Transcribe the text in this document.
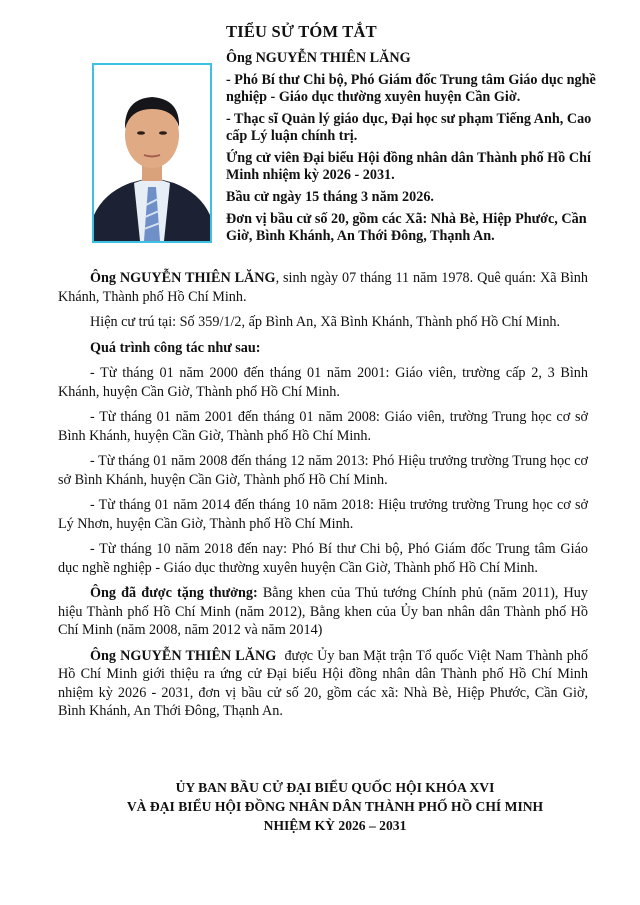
TIỂU SỬ TÓM TẮT

Ông NGUYỄN THIÊN LĂNG

- Phó Bí thư Chi bộ, Phó Giám đốc Trung tâm Giáo dục nghề nghiệp - Giáo dục thường xuyên huyện Cần Giờ.

- Thạc sĩ Quản lý giáo dục, Đại học sư phạm Tiếng Anh, Cao cấp Lý luận chính trị.

Ứng cử viên Đại biểu Hội đồng nhân dân Thành phố Hồ Chí Minh nhiệm kỳ 2026 - 2031.

Bầu cử ngày 15 tháng 3 năm 2026.

Đơn vị bầu cử số 20, gồm các Xã: Nhà Bè, Hiệp Phước, Cần Giờ, Bình Khánh, An Thới Đông, Thạnh An.

Ông NGUYỄN THIÊN LĂNG, sinh ngày 07 tháng 11 năm 1978. Quê quán: Xã Bình Khánh, Thành phố Hồ Chí Minh.

Hiện cư trú tại: Số 359/1/2, ấp Bình An, Xã Bình Khánh, Thành phố Hồ Chí Minh.

Quá trình công tác như sau:

- Từ tháng 01 năm 2000 đến tháng 01 năm 2001: Giáo viên, trường cấp 2, 3 Bình Khánh, huyện Cần Giờ, Thành phố Hồ Chí Minh.

- Từ tháng 01 năm 2001 đến tháng 01 năm 2008: Giáo viên, trường Trung học cơ sở Bình Khánh, huyện Cần Giờ, Thành phố Hồ Chí Minh.

- Từ tháng 01 năm 2008 đến tháng 12 năm 2013: Phó Hiệu trưởng trường Trung học cơ sở Bình Khánh, huyện Cần Giờ, Thành phố Hồ Chí Minh.

- Từ tháng 01 năm 2014 đến tháng 10 năm 2018: Hiệu trưởng trường Trung học cơ sở Lý Nhơn, huyện Cần Giờ, Thành phố Hồ Chí Minh.

- Từ tháng 10 năm 2018 đến nay: Phó Bí thư Chi bộ, Phó Giám đốc Trung tâm Giáo dục nghề nghiệp - Giáo dục thường xuyên huyện Cần Giờ, Thành phố Hồ Chí Minh.

Ông đã được tặng thưởng: Bằng khen của Thủ tướng Chính phủ (năm 2011), Huy hiệu Thành phố Hồ Chí Minh (năm 2012), Bằng khen của Ủy ban nhân dân Thành phố Hồ Chí Minh (năm 2008, năm 2012 và năm 2014)

Ông NGUYỄN THIÊN LĂNG  được Ủy ban Mặt trận Tổ quốc Việt Nam Thành phố Hồ Chí Minh giới thiệu ra ứng cử Đại biểu Hội đồng nhân dân Thành phố Hồ Chí Minh nhiệm kỳ 2026 - 2031, đơn vị bầu cử số 20, gồm các xã: Nhà Bè, Hiệp Phước, Cần Giờ, Bình Khánh, An Thới Đông, Thạnh An.

ỦY BAN BẦU CỬ ĐẠI BIỂU QUỐC HỘI KHÓA XVI
VÀ ĐẠI BIỂU HỘI ĐỒNG NHÂN DÂN THÀNH PHỐ HỒ CHÍ MINH
NHIỆM KỲ 2026 – 2031
